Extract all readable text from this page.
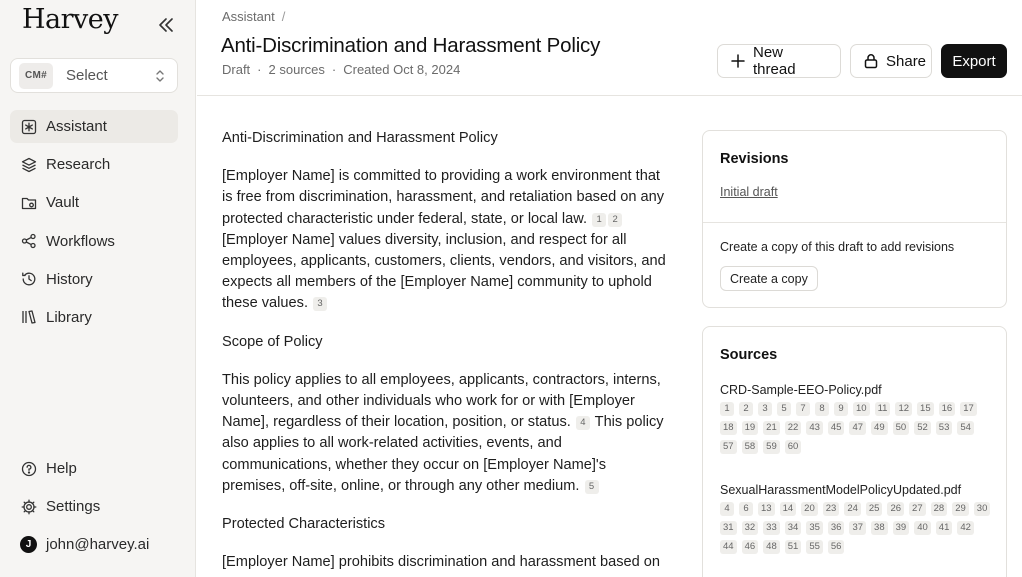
Harvey
CM#	Select
Assistant
Research
Vault
Workflows
History
Library
Help
Settings
J john@harvey.ai
Assistant /
Anti-Discrimination and Harassment Policy
Draft · 2 sources · Created Oct 8, 2024
New thread	Share	Export

Anti-Discrimination and Harassment Policy

[Employer Name] is committed to providing a work environment that is free from discrimination, harassment, and retaliation based on any protected characteristic under federal, state, or local law. 1 2 [Employer Name] values diversity, inclusion, and respect for all employees, applicants, customers, clients, vendors, and visitors, and expects all members of the [Employer Name] community to uphold these values. 3

Scope of Policy

This policy applies to all employees, applicants, contractors, interns, volunteers, and other individuals who work for or with [Employer Name], regardless of their location, position, or status. 4 This policy also applies to all work-related activities, events, and communications, whether they occur on [Employer Name]'s premises, off-site, online, or through any other medium. 5

Protected Characteristics

[Employer Name] prohibits discrimination and harassment based on

Revisions
Initial draft
Create a copy of this draft to add revisions
Create a copy
Sources
CRD-Sample-EEO-Policy.pdf
1	2	3	5	7	8	9	10	11	12	15	16	17
18	19	21	22	43	45	47	49	50	52	53	54
57	58	59	60
SexualHarassmentModelPolicyUpdated.pdf
4	6	13	14	20	23	24	25	26	27	28	29	30
31	32	33	34	35	36	37	38	39	40	41	42
44	46	48	51	55	56
